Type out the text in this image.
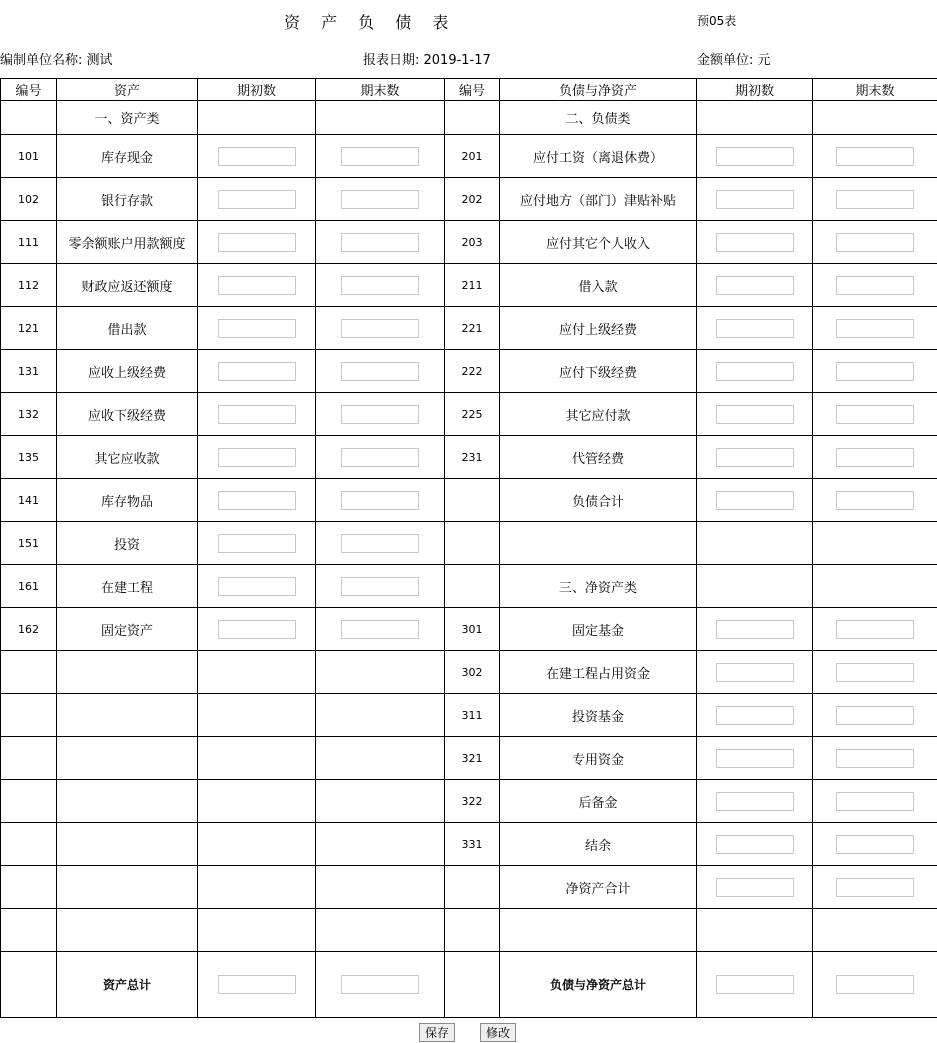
资 产 负 债 表	预05表
编制单位名称: 测试	报表日期: 2019-1-17	金额单位: 元
编号	资产	期初数	期末数	编号	负债与净资产	期初数	期末数
	一、资产类				二、负债类		
101	库存现金			201	应付工资（离退休费）		
102	银行存款			202	应付地方（部门）津贴补贴		
111	零余额账户用款额度			203	应付其它个人收入		
112	财政应返还额度			211	借入款		
121	借出款			221	应付上级经费		
131	应收上级经费			222	应付下级经费		
132	应收下级经费			225	其它应付款		
135	其它应收款			231	代管经费		
141	库存物品				负债合计		
151	投资						
161	在建工程				三、净资产类		
162	固定资产			301	固定基金		
				302	在建工程占用资金		
				311	投资基金		
				321	专用资金		
				322	后备金		
				331	结余		
					净资产合计		

	资产总计				负债与净资产总计		
保存	修改
